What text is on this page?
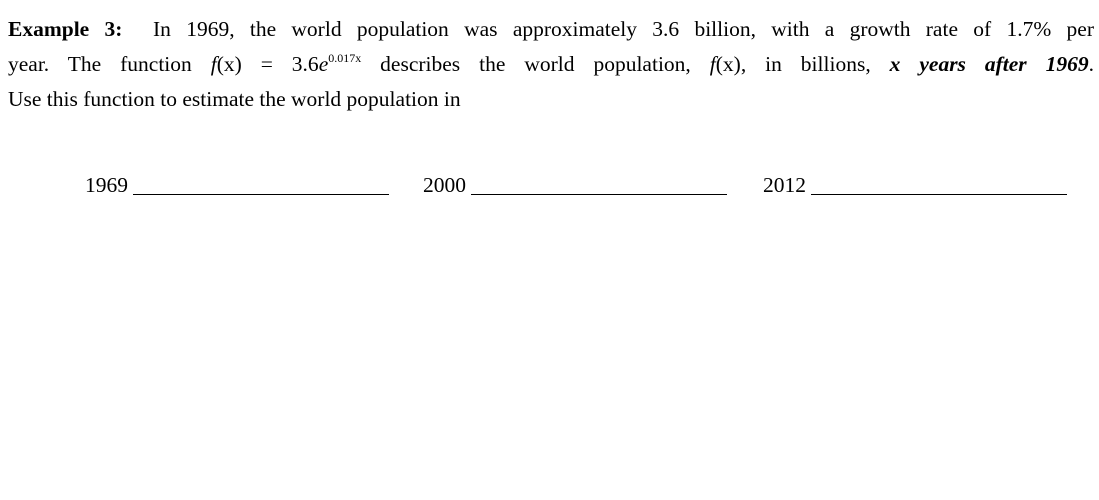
Example 3: In 1969, the world population was approximately 3.6 billion, with a growth rate of 1.7% per
year. The function $f(x) = 3.6e^{0.017x}$ describes the world population, f(x), in billions, x years after 1969.
Use this function to estimate the world population in

1969	2000	2012
